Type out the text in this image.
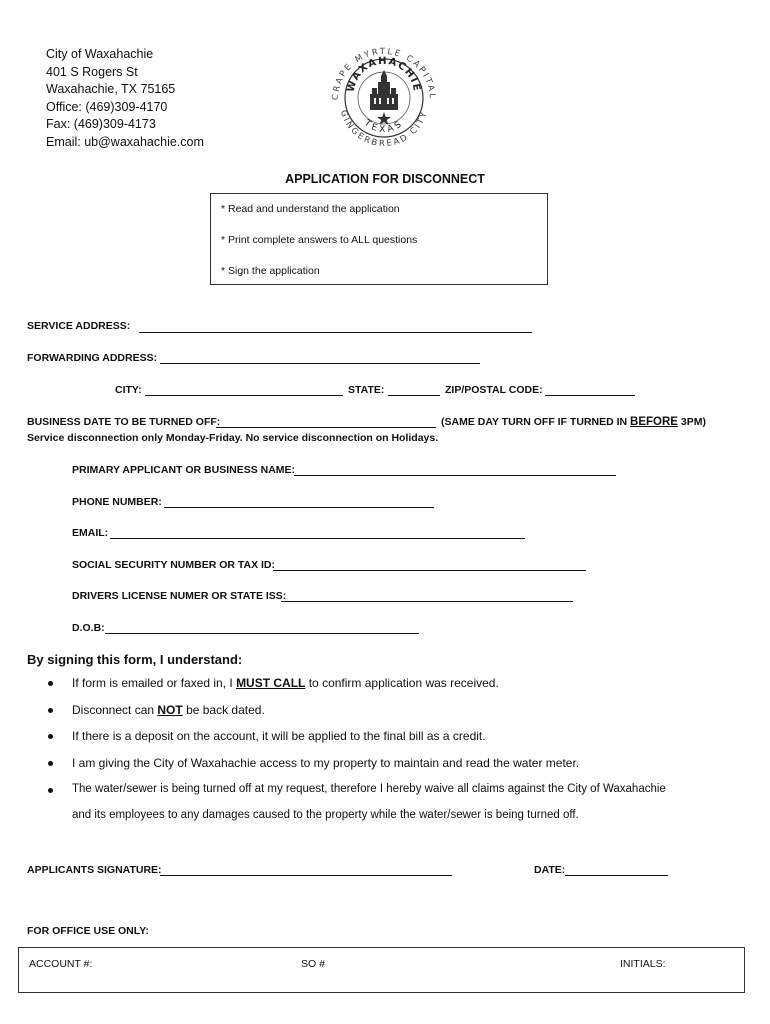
City of Waxahachie
401 S Rogers St
Waxahachie, TX 75165
Office: (469)309-4170
Fax: (469)309-4173
Email: ub@waxahachie.com
CRAPE MYRTLE CAPITAL
GINGERBREAD CITY
WAXAHACHIE
TEXAS
APPLICATION FOR DISCONNECT
* Read and understand the application
* Print complete answers to ALL questions
* Sign the application
SERVICE ADDRESS:
FORWARDING ADDRESS:
CITY:	STATE:	ZIP/POSTAL CODE:
BUSINESS DATE TO BE TURNED OFF:	(SAME DAY TURN OFF IF TURNED IN BEFORE 3PM)
Service disconnection only Monday-Friday. No service disconnection on Holidays.
PRIMARY APPLICANT OR BUSINESS NAME:
PHONE NUMBER:
EMAIL:
SOCIAL SECURITY NUMBER OR TAX ID:
DRIVERS LICENSE NUMER OR STATE ISS:
D.O.B:
By signing this form, I understand:
If form is emailed or faxed in, I MUST CALL to confirm application was received.
Disconnect can NOT be back dated.
If there is a deposit on the account, it will be applied to the final bill as a credit.
I am giving the City of Waxahachie access to my property to maintain and read the water meter.
The water/sewer is being turned off at my request, therefore I hereby waive all claims against the City of Waxahachie
and its employees to any damages caused to the property while the water/sewer is being turned off.
APPLICANTS SIGNATURE:	DATE:
FOR OFFICE USE ONLY:
ACCOUNT #:	SO #	INITIALS:
